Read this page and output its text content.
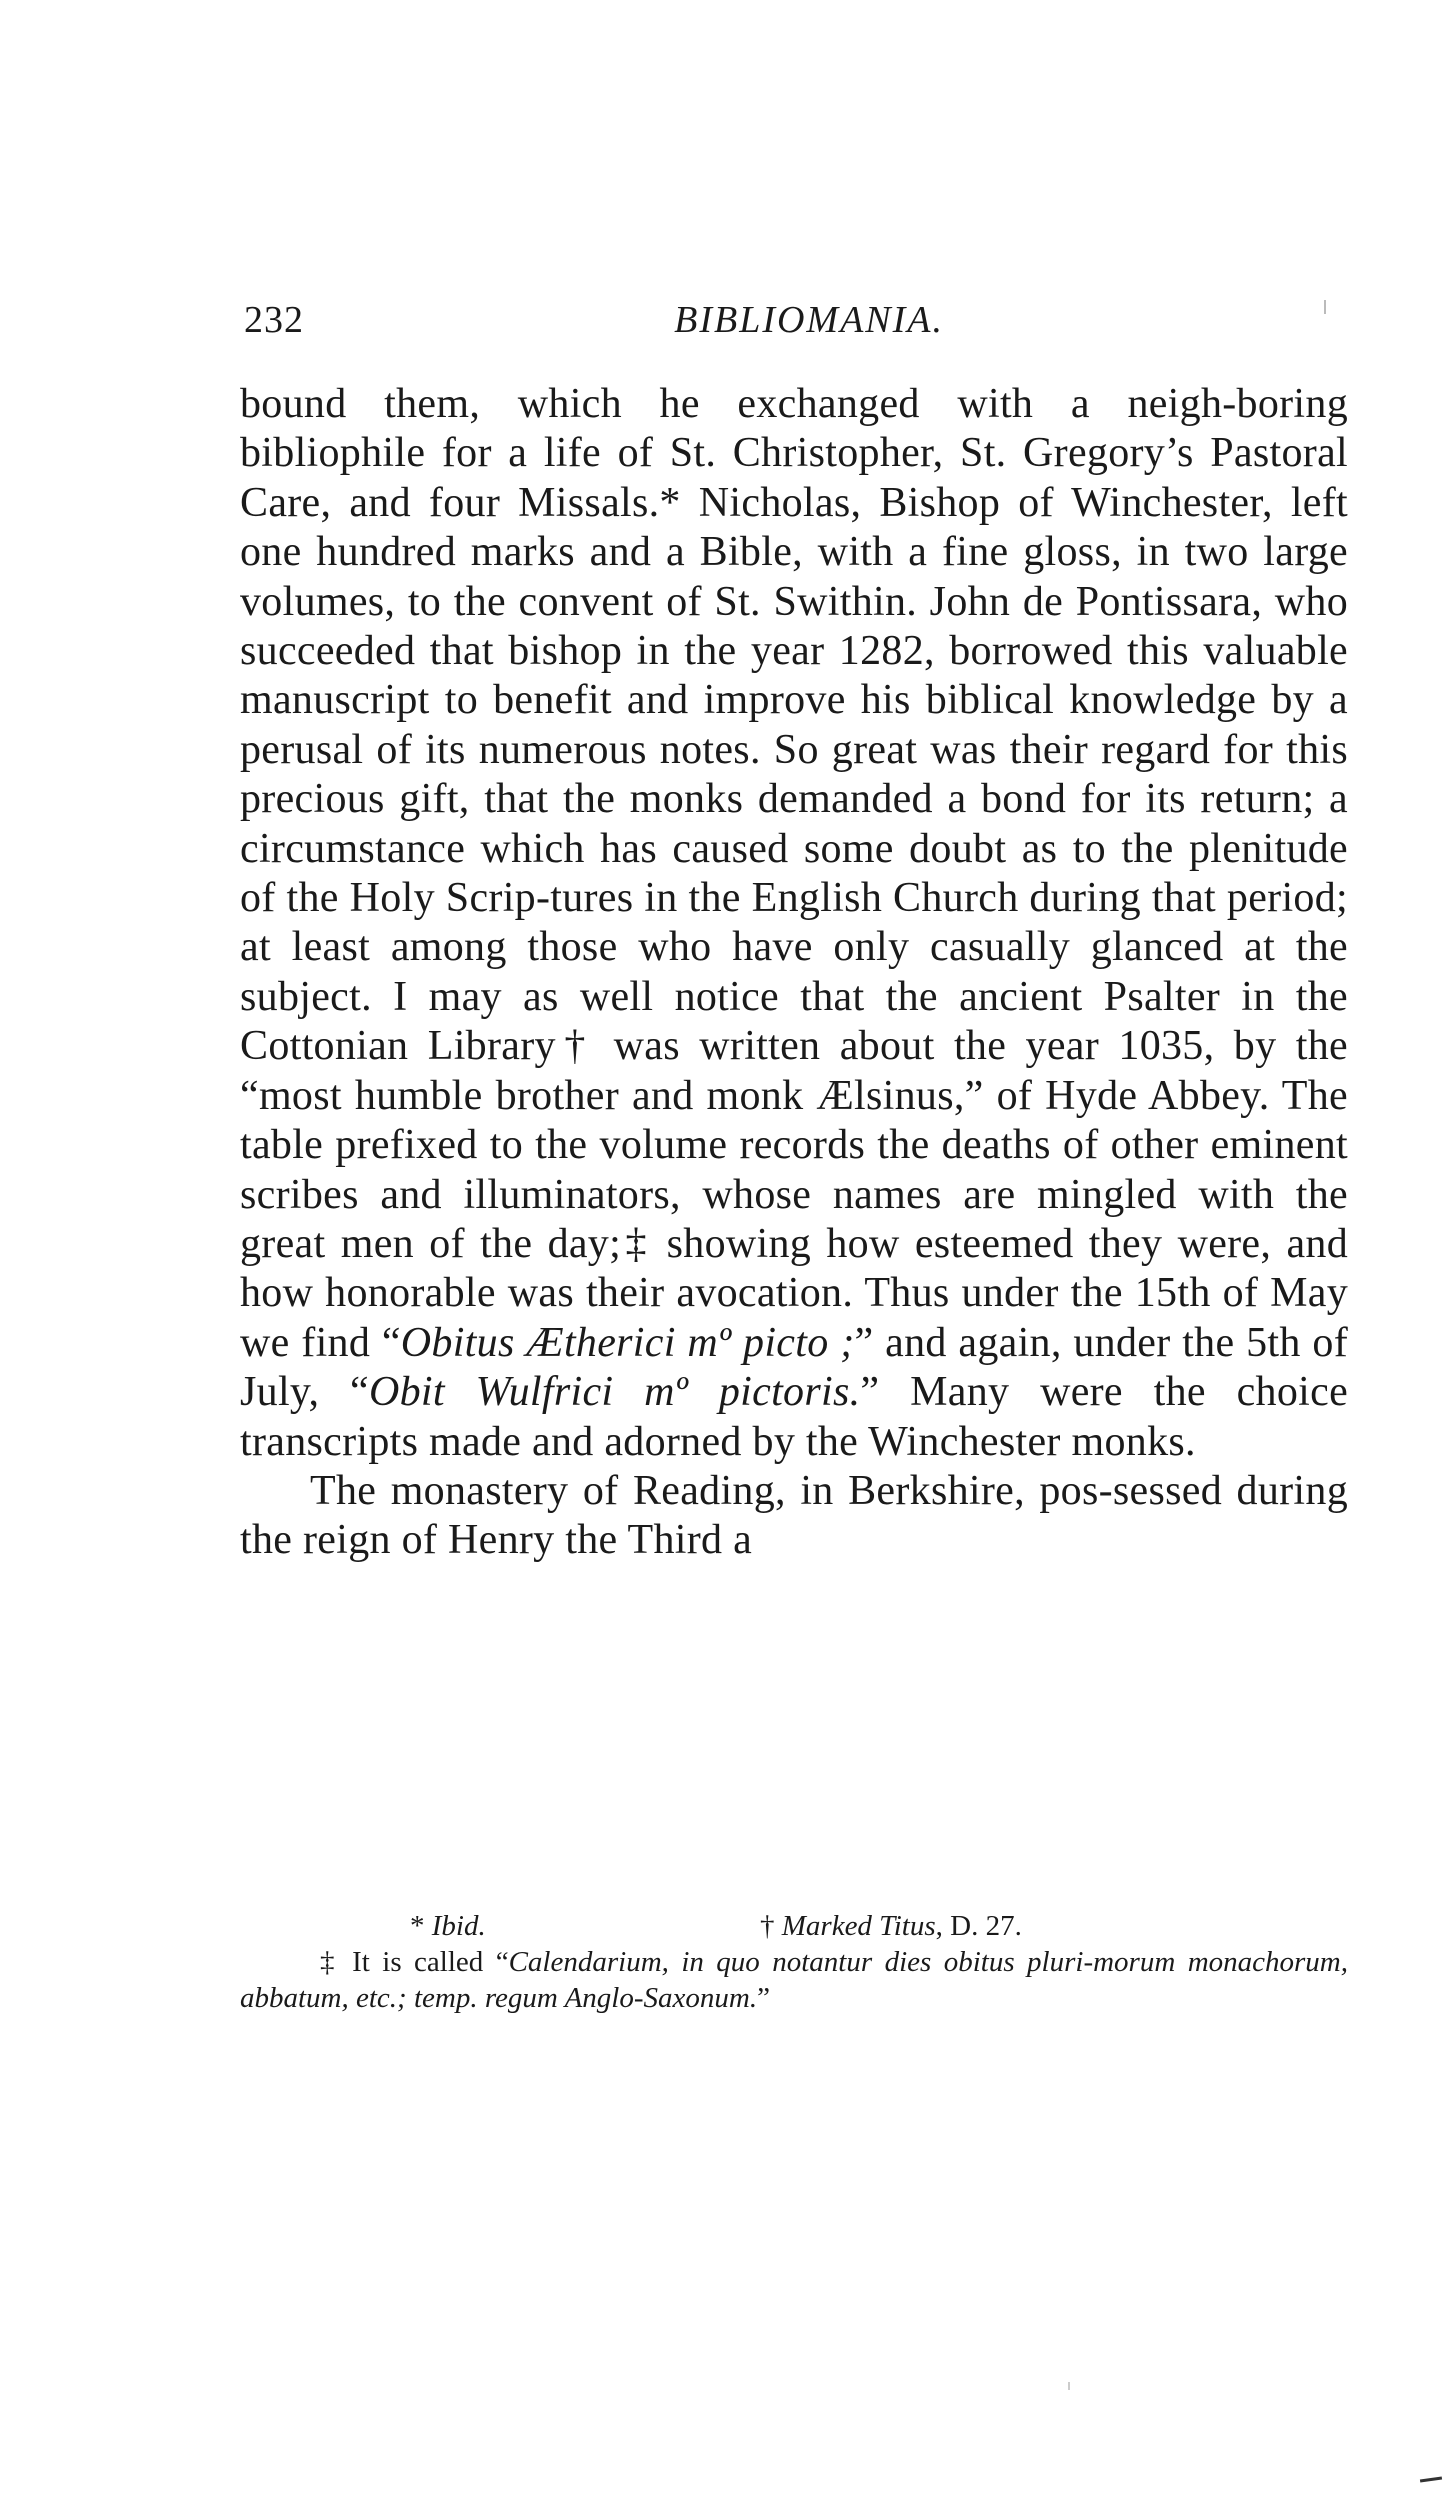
232	BIBLIOMANIA.

bound them, which he exchanged with a neigh-boring bibliophile for a life of St. Christopher, St. Gregory’s Pastoral Care, and four Missals.* Nicholas, Bishop of Winchester, left one hundred marks and a Bible, with a fine gloss, in two large volumes, to the convent of St. Swithin. John de Pontissara, who succeeded that bishop in the year 1282, borrowed this valuable manuscript to benefit and improve his biblical knowledge by a perusal of its numerous notes. So great was their regard for this precious gift, that the monks demanded a bond for its return; a circumstance which has caused some doubt as to the plenitude of the Holy Scrip-tures in the English Church during that period; at least among those who have only casually glanced at the subject. I may as well notice that the ancient Psalter in the Cottonian Library† was written about the year 1035, by the “most humble brother and monk Ælsinus,” of Hyde Abbey. The table prefixed to the volume records the deaths of other eminent scribes and illuminators, whose names are mingled with the great men of the day;‡ showing how esteemed they were, and how honorable was their avocation. Thus under the 15th of May we find “Obitus Ætherici mº picto ;” and again, under the 5th of July, “Obit Wulfrici mº pictoris.” Many were the choice transcripts made and adorned by the Winchester monks.

The monastery of Reading, in Berkshire, pos-sessed during the reign of Henry the Third a

* Ibid.	† Marked Titus, D. 27.
‡ It is called “Calendarium, in quo notantur dies obitus pluri-morum monachorum, abbatum, etc.; temp. regum Anglo-Saxonum.”
